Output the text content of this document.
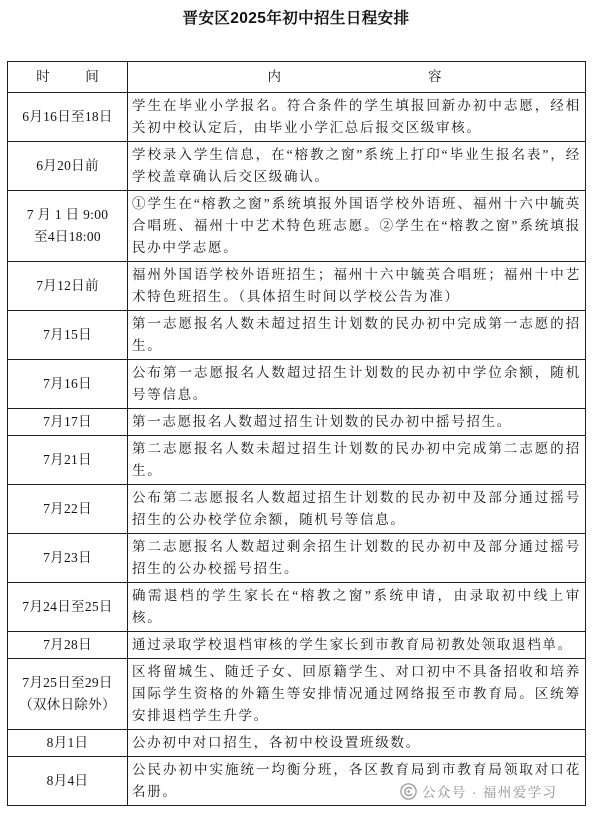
晋安区2025年初中招生日程安排
时　　间	内　　容
6月16日至18日	学生在毕业小学报名。符合条件的学生填报回新办初中志愿，经相关初中校认定后，由毕业小学汇总后报交区级审核。
6月20日前	学校录入学生信息，在“榕教之窗”系统上打印“毕业生报名表”，经学校盖章确认后交区级确认。
7 月 1 日 9:00
至4日18:00	①学生在“榕教之窗”系统填报外国语学校外语班、福州十六中毓英合唱班、福州十中艺术特色班志愿。②学生在“榕教之窗”系统填报民办中学志愿。
7月12日前	福州外国语学校外语班招生；福州十六中毓英合唱班；福州十中艺术特色班招生。（具体招生时间以学校公告为准）
7月15日	第一志愿报名人数未超过招生计划数的民办初中完成第一志愿的招生。
7月16日	公布第一志愿报名人数超过招生计划数的民办初中学位余额，随机号等信息。
7月17日	第一志愿报名人数超过招生计划数的民办初中摇号招生。
7月21日	第二志愿报名人数未超过招生计划数的民办初中完成第二志愿的招生。
7月22日	公布第二志愿报名人数超过招生计划数的民办初中及部分通过摇号招生的公办校学位余额，随机号等信息。
7月23日	第二志愿报名人数超过剩余招生计划数的民办初中及部分通过摇号招生的公办校摇号招生。
7月24日至25日	确需退档的学生家长在“榕教之窗”系统申请，由录取初中线上审核。
7月28日	通过录取学校退档审核的学生家长到市教育局初教处领取退档单。
7月25日至29日
（双休日除外）	区将留城生、随迁子女、回原籍学生、对口初中不具备招收和培养国际学生资格的外籍生等安排情况通过网络报至市教育局。区统筹安排退档学生升学。
8月1日	公办初中对口招生，各初中校设置班级数。
8月4日	公民办初中实施统一均衡分班，各区教育局到市教育局领取对口花名册。	公众号 · 福州爱学习
